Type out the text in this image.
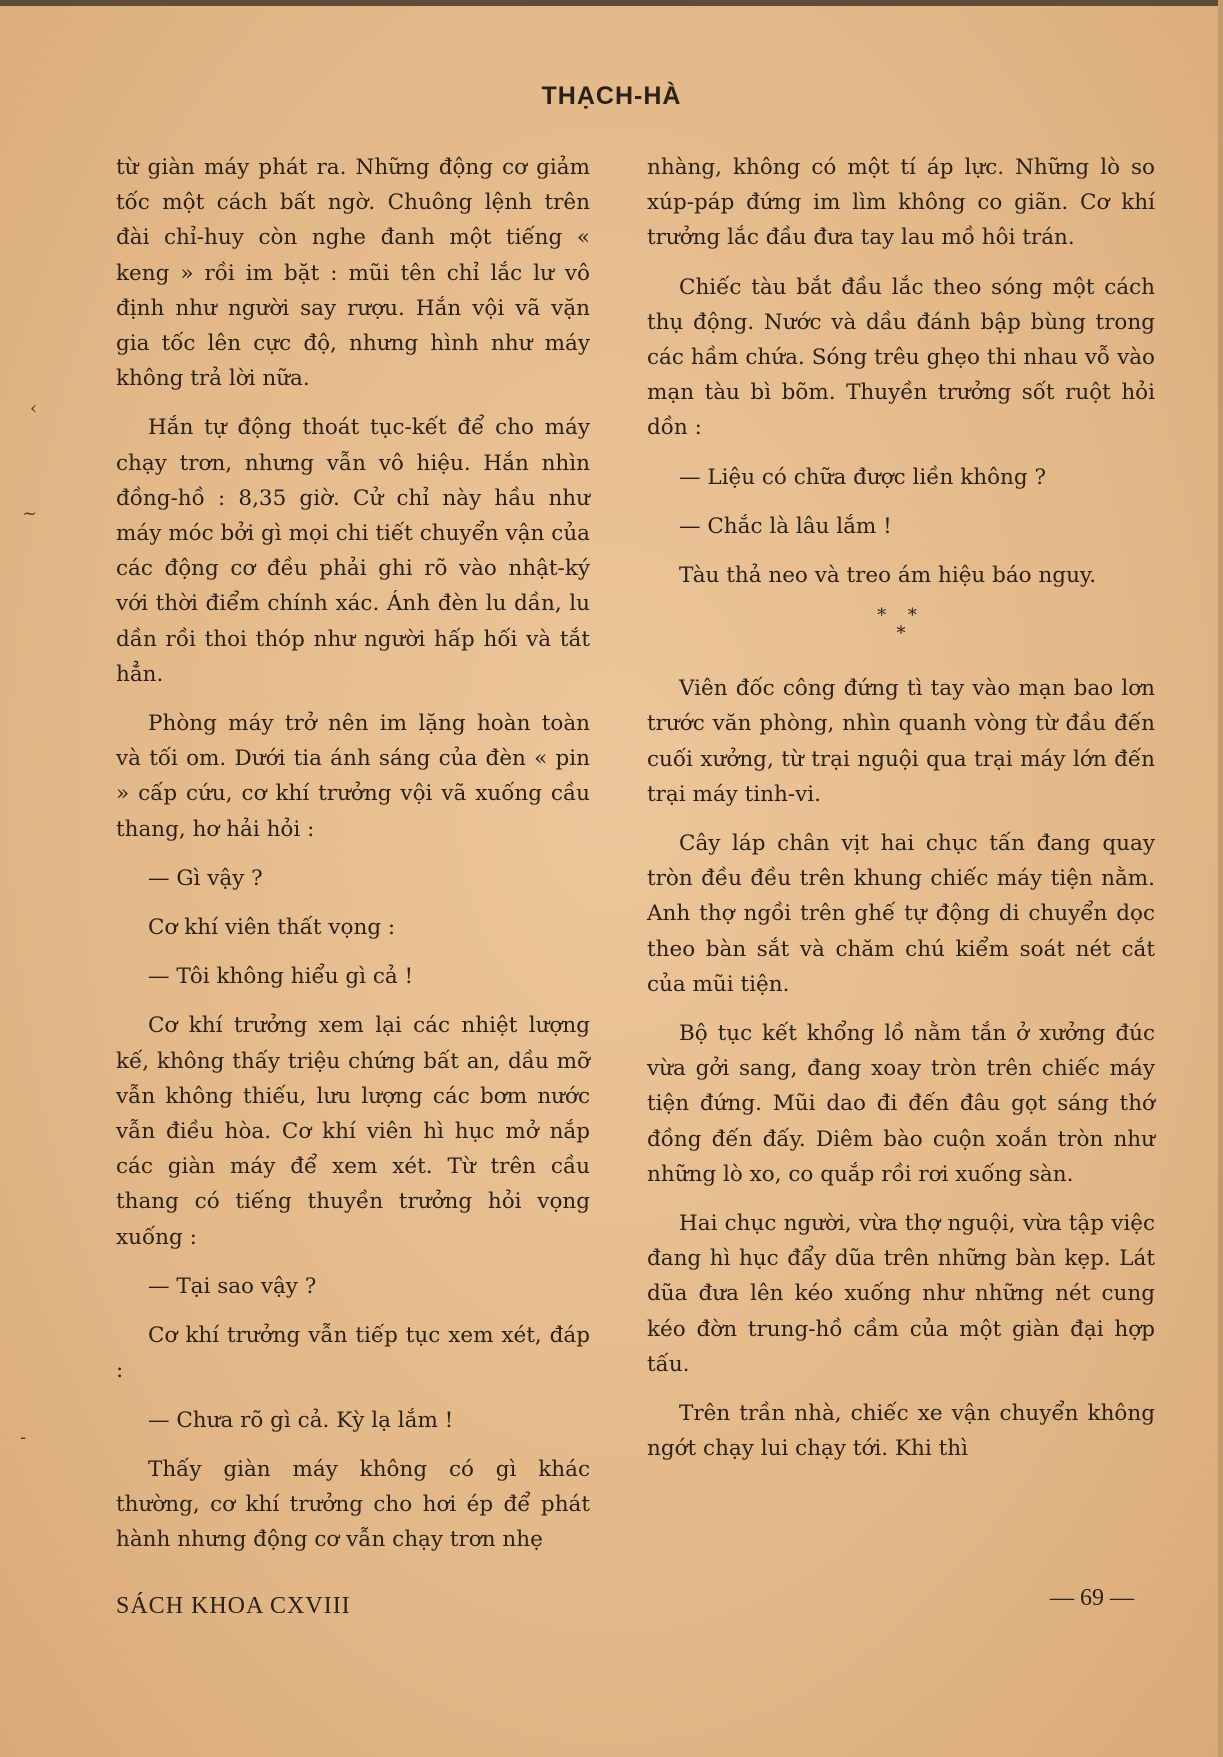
‹
~
-
THẠCH-HÀ

từ giàn máy phát ra. Những động cơ giảm tốc một cách bất ngờ. Chuông lệnh trên đài chỉ-huy còn nghe đanh một tiếng « keng » rồi im bặt : mũi tên chỉ lắc lư vô định như người say rượu. Hắn vội vã vặn gia tốc lên cực độ, nhưng hình như máy không trả lời nữa.

Hắn tự động thoát tục-kết để cho máy chạy trơn, nhưng vẫn vô hiệu. Hắn nhìn đồng-hồ : 8,35 giờ. Cử chỉ này hầu như máy móc bởi gì mọi chi tiết chuyển vận của các động cơ đều phải ghi rõ vào nhật-ký với thời điểm chính xác. Ánh đèn lu dần, lu dần rồi thoi thóp như người hấp hối và tắt hẳn.

Phòng máy trở nên im lặng hoàn toàn và tối om. Dưới tia ánh sáng của đèn « pin » cấp cứu, cơ khí trưởng vội vã xuống cầu thang, hơ hải hỏi :

— Gì vậy ?

Cơ khí viên thất vọng :

— Tôi không hiểu gì cả !

Cơ khí trưởng xem lại các nhiệt lượng kế, không thấy triệu chứng bất an, dầu mỡ vẫn không thiếu, lưu lượng các bơm nước vẫn điều hòa. Cơ khí viên hì hục mở nắp các giàn máy để xem xét. Từ trên cầu thang có tiếng thuyền trưởng hỏi vọng xuống :

— Tại sao vậy ?

Cơ khí trưởng vẫn tiếp tục xem xét, đáp :

— Chưa rõ gì cả. Kỳ lạ lắm !

Thấy giàn máy không có gì khác thường, cơ khí trưởng cho hơi ép để phát hành nhưng động cơ vẫn chạy trơn nhẹ

nhàng, không có một tí áp lực. Những lò so xúp-páp đứng im lìm không co giãn. Cơ khí trưởng lắc đầu đưa tay lau mồ hôi trán.

Chiếc tàu bắt đầu lắc theo sóng một cách thụ động. Nước và dầu đánh bập bùng trong các hầm chứa. Sóng trêu ghẹo thi nhau vỗ vào mạn tàu bì bõm. Thuyền trưởng sốt ruột hỏi dồn :

— Liệu có chữa được liền không ?

— Chắc là lâu lắm !

Tàu thả neo và treo ám hiệu báo nguy.

* *
*

Viên đốc công đứng tì tay vào mạn bao lơn trước văn phòng, nhìn quanh vòng từ đầu đến cuối xưởng, từ trại nguội qua trại máy lớn đến trại máy tinh-vi.

Cây láp chân vịt hai chục tấn đang quay tròn đều đều trên khung chiếc máy tiện nằm. Anh thợ ngồi trên ghế tự động di chuyển dọc theo bàn sắt và chăm chú kiểm soát nét cắt của mũi tiện.

Bộ tục kết khổng lồ nằm tắn ở xưởng đúc vừa gởi sang, đang xoay tròn trên chiếc máy tiện đứng. Mũi dao đi đến đâu gọt sáng thớ đồng đến đấy. Diêm bào cuộn xoắn tròn như những lò xo, co quắp rồi rơi xuống sàn.

Hai chục người, vừa thợ nguội, vừa tập việc đang hì hục đẩy dũa trên những bàn kẹp. Lát dũa đưa lên kéo xuống như những nét cung kéo đờn trung-hồ cầm của một giàn đại hợp tấu.

Trên trần nhà, chiếc xe vận chuyển không ngớt chạy lui chạy tới. Khi thì

SÁCH KHOA CXVIII	— 69 —
